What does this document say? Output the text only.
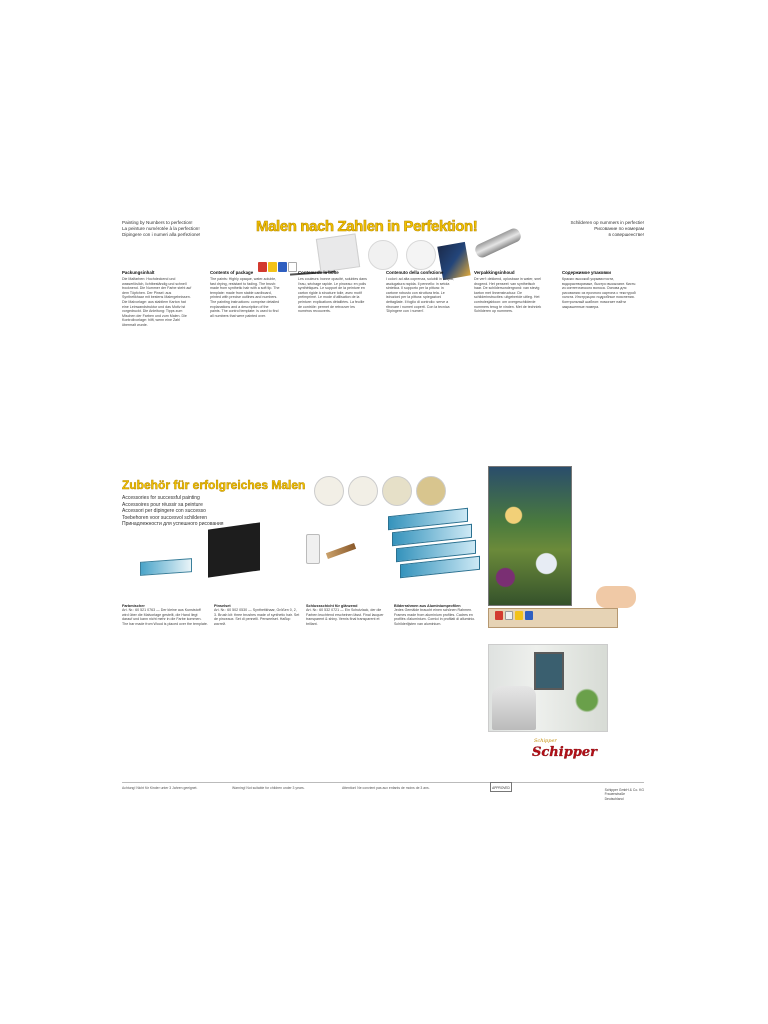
Painting by Numbers to perfection!
La peinture numérotée à la perfection!
Dipingere con i numeri alla perfezione!	Malen nach Zahlen in Perfektion!	Schilderen op nummers in perfectie!
Рисование по номерам
в совершенстве!
Packungsinhalt
Die Malfarben: Hochdeckend und wasserlöslich, lichtbeständig und schnell trocknend. Die Nummer der Farbe steht auf dem Töpfchen. Der Pinsel: aus Synthetikhaar mit bestens Malergebnissen. Die Malvorlage: aus stabilem Karton hat eine Leinwandstruktur und das Motiv ist vorgedruckt. Die Anleitung: Tipps zum Mischen der Farben und zum Malen. Die Kontrollvorlage: hilft, wenn eine Zahl übermalt wurde.
Contents of package
The paints: Highly opaque, water-soluble, fast drying, resistant to fading. The brush: made from synthetic hair with a soft tip. The template: made from stable cardboard, printed with precise outlines and numbers. The painting instructions: comprise detailed explanations and a description of the paints. The control template: is used to find all numbers that were painted over.
Contenu de la boîte
Les couleurs: bonne opacité, solubles dans l'eau, séchage rapide. Le pinceau: en poils synthétiques. Le support de la peinture en carton rigide à structure toile, avec motif préimprimé. Le mode d'utilisation de la peinture: explications détaillées. La feuille de contrôle: permet de retrouver les numéros recouverts.
Contenuto della confezione
I colori: ad alta coprenza, solubili in acqua, asciugatura rapida. Il pennello: in setola sintetica. Il supporto per la pittura: in cartone robusto con struttura tela. Le istruzioni per la pittura: spiegazioni dettagliate. Il foglio di controllo: serve a ritrovare i numeri coperti. Con la tecnica 'Dipingere con i numeri'.
Verpakkingsinhoud
De verf: dekkend, oplosbaar in water, snel drogend. Het penseel: van synthetisch haar. De schildersondergrond: van stevig karton met linnenstructuur. De schilderinstructies: uitgebreide uitleg. Het controlesjabloon: om overgeschilderde nummers terug te vinden. Met de techniek Schilderen op nummers.
Содержимое упаковки
Краски: высокой укрывистости, водорастворимые, быстро высыхают. Кисть: из синтетического волоса. Основа для рисования: из прочного картона с текстурой холста. Инструкция: подробные пояснения. Контрольный шаблон: помогает найти закрашенные номера.
Zubehör für erfolgreiches Malen
Accessories for successful painting
Accessoires pour réussir sa peinture
Accessori per dipingere con successo
Toebehoren voor succesvol schilderen
Принадлежности для успешного рисования
Farbmischer
Art. Nr.: 60 521 0763 — Der kleine aus Kunststoff wird über die Malvorlage gestellt, die Hand liegt darauf und kann nicht mehr in die Farbe kommen. The bar made from Wood is placed over the template.
Pinselset
Art. Nr.: 60 502 0530 — Synthetikhaar, Größen 0, 2, 3. Brush kit: three brushes made of synthetic hair. Set de pinceaux. Set di pennelli. Penseelset. Набор кистей.
Schlussschicht für glänzend
Art. Nr.: 60 532 0721 — Ein Schutzlack, der die Farben leuchtend erscheinen lässt. Final lacquer transparent & shiny. Vernis final transparent et brillant.
Bilderrahmen aus Aluminiumprofilen
Jedes Gemälde braucht einen schönen Rahmen. Frames made from aluminium profiles. Cadres en profilés d'aluminium. Cornici in profilati di alluminio. Schilderlijsten van aluminium.
Schipper
Schipper
Achtung! Nicht für Kinder unter 3 Jahren geeignet.	Warning! Not suitable for children under 3 years.	Attention! Ne convient pas aux enfants de moins de 3 ans.	APPROVED	Schipper GmbH & Co. KG
Frauenstraße
Deutschland
